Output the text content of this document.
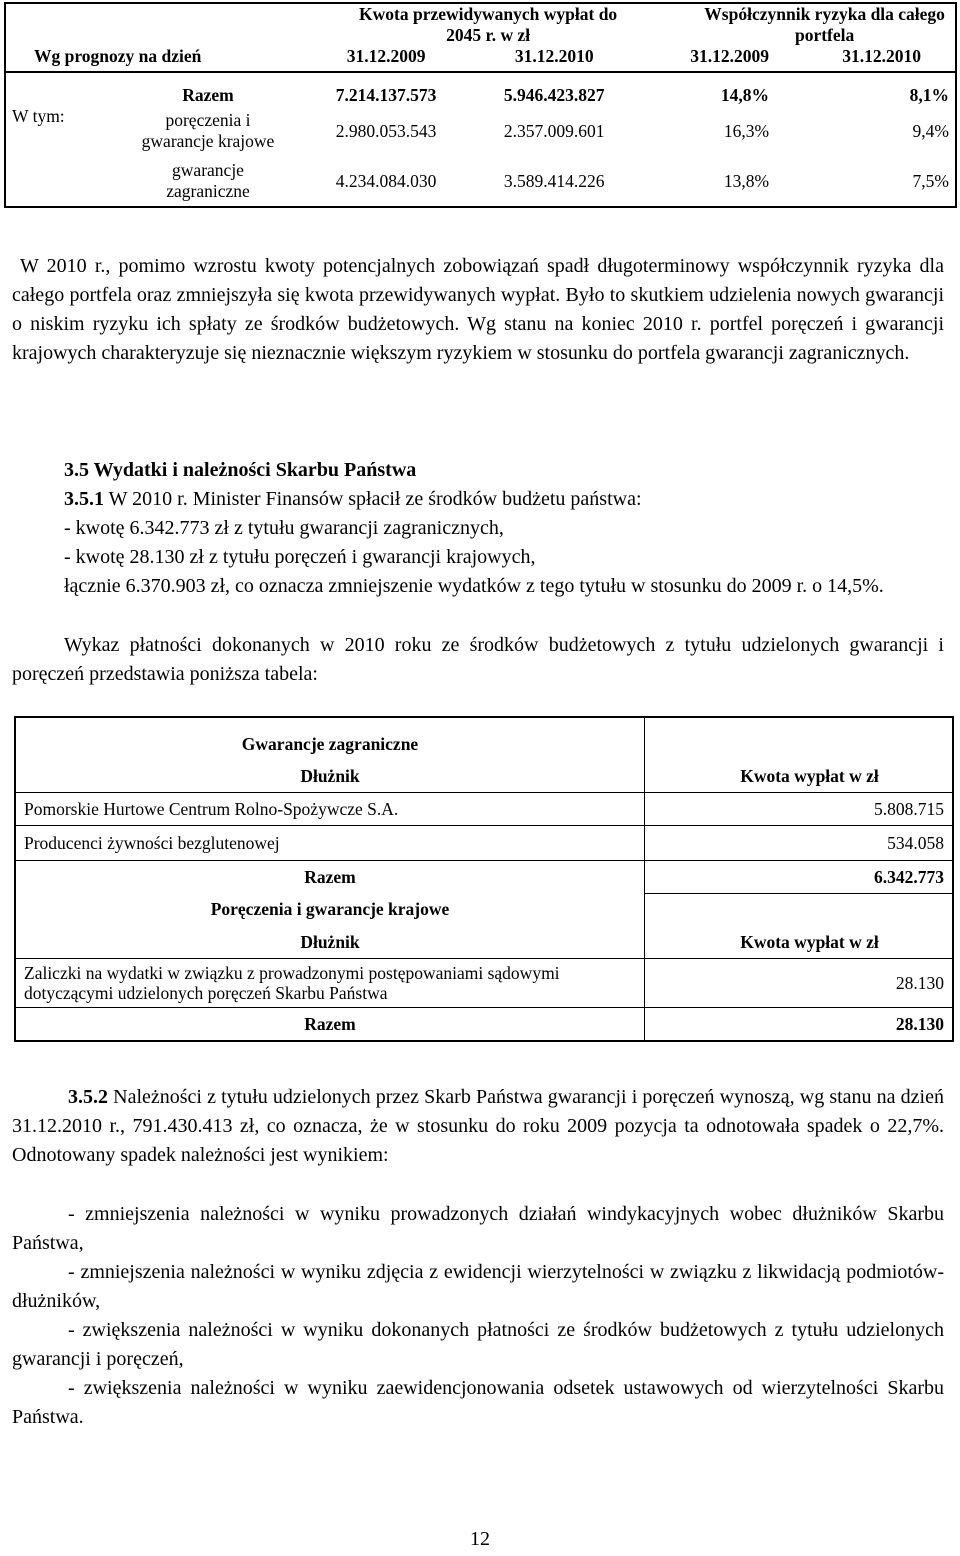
		Kwota przewidywanych wypłat do 2045 r. w zł		Współczynnik ryzyka dla całego portfela	
Wg prognozy na dzień		31.12.2009	31.12.2010	31.12.2009	31.12.2010
	Razem	7.214.137.573	5.946.423.827	14,8%	8,1%
W tym:	poręczenia i gwarancje krajowe	2.980.053.543	2.357.009.601	16,3%	9,4%
	gwarancje zagraniczne	4.234.084.030	3.589.414.226	13,8%	7,5%
W 2010 r., pomimo wzrostu kwoty potencjalnych zobowiązań spadł długoterminowy współczynnik ryzyka dla całego portfela oraz zmniejszyła się kwota przewidywanych wypłat. Było to skutkiem udzielenia nowych gwarancji o niskim ryzyku ich spłaty ze środków budżetowych. Wg stanu na koniec 2010 r. portfel poręczeń i gwarancji krajowych charakteryzuje się nieznacznie większym ryzykiem w stosunku do portfela gwarancji zagranicznych.
3.5 Wydatki i należności Skarbu Państwa
3.5.1 W 2010 r. Minister Finansów spłacił ze środków budżetu państwa:
- kwotę 6.342.773 zł z tytułu gwarancji zagranicznych,
- kwotę 28.130 zł z tytułu poręczeń i gwarancji krajowych,
łącznie 6.370.903 zł, co oznacza zmniejszenie wydatków z tego tytułu w stosunku do 2009 r. o 14,5%.
Wykaz płatności dokonanych w 2010 roku ze środków budżetowych z tytułu udzielonych gwarancji i poręczeń przedstawia poniższa tabela:
Gwarancje zagraniczne	
Dłużnik	Kwota wypłat w zł
Pomorskie Hurtowe Centrum Rolno-Spożywcze S.A.	5.808.715
Producenci żywności bezglutenowej	534.058
Razem	6.342.773
Poręczenia i gwarancje krajowe	
Dłużnik	Kwota wypłat w zł
Zaliczki na wydatki w związku z prowadzonymi postępowaniami sądowymi dotyczącymi udzielonych poręczeń Skarbu Państwa	28.130
Razem	28.130
3.5.2 Należności z tytułu udzielonych przez Skarb Państwa gwarancji i poręczeń wynoszą, wg stanu na dzień 31.12.2010 r., 791.430.413 zł, co oznacza, że w stosunku do roku 2009 pozycja ta odnotowała spadek o 22,7%. Odnotowany spadek należności jest wynikiem:
- zmniejszenia należności w wyniku prowadzonych działań windykacyjnych wobec dłużników Skarbu Państwa,
- zmniejszenia należności w wyniku zdjęcia z ewidencji wierzytelności w związku z likwidacją podmiotów-dłużników,
- zwiększenia należności w wyniku dokonanych płatności ze środków budżetowych z tytułu udzielonych gwarancji i poręczeń,
- zwiększenia należności w wyniku zaewidencjonowania odsetek ustawowych od wierzytelności Skarbu Państwa.
12
